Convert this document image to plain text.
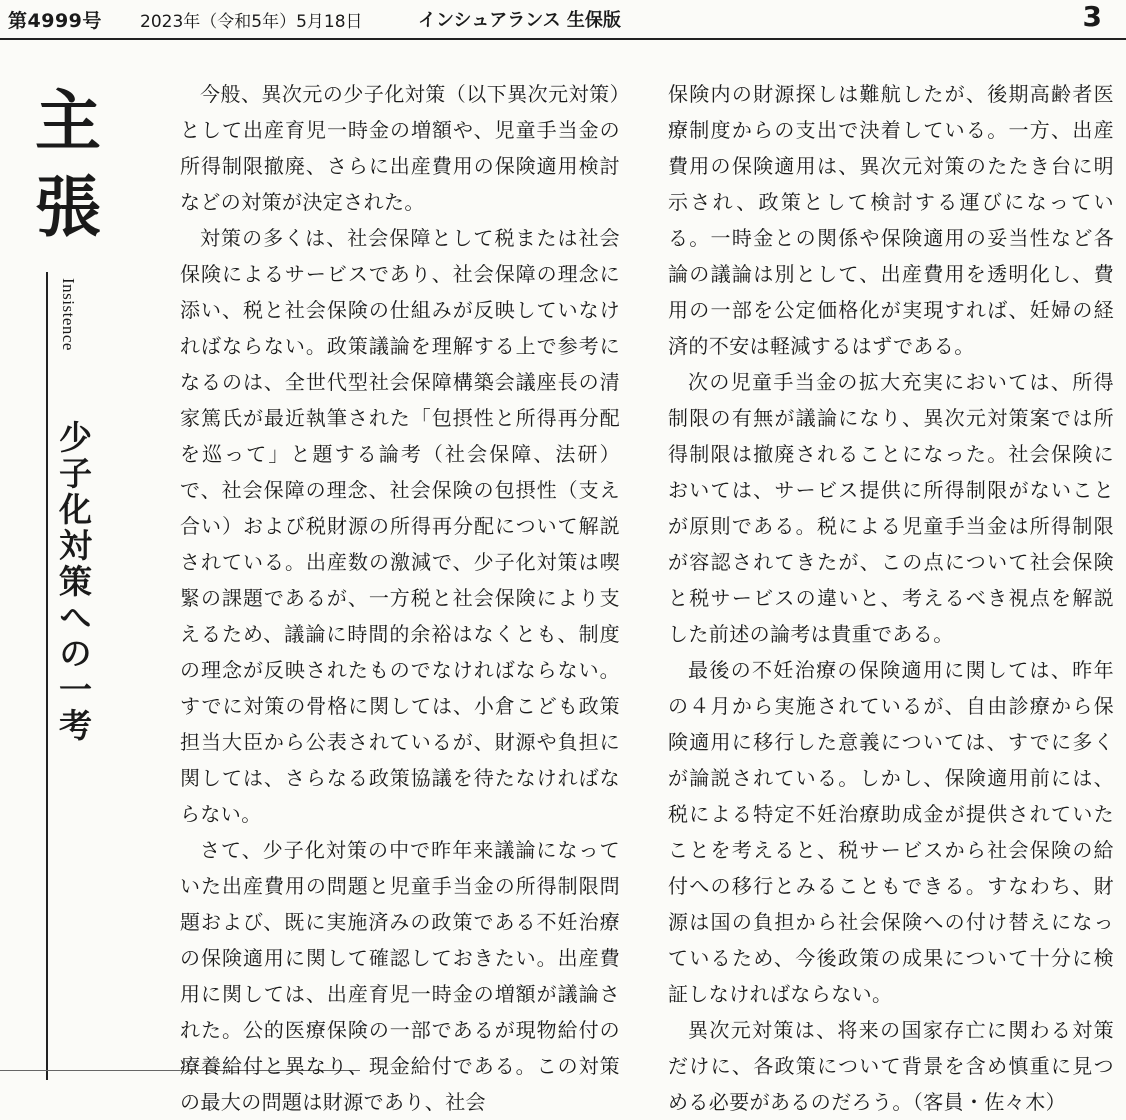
第4999号 2023年（令和5年）5月18日	インシュアランス 生保版	3
主
張
Insistence
少子化対策への一考

今般、異次元の少子化対策（以下異次元対策）として出産育児一時金の増額や、児童手当金の所得制限撤廃、さらに出産費用の保険適用検討などの対策が決定された。

対策の多くは、社会保障として税または社会保険によるサービスであり、社会保障の理念に添い、税と社会保険の仕組みが反映していなければならない。政策議論を理解する上で参考になるのは、全世代型社会保障構築会議座長の清家篤氏が最近執筆された「包摂性と所得再分配を巡って」と題する論考（社会保障、法研）で、社会保障の理念、社会保険の包摂性（支え合い）および税財源の所得再分配について解説されている。出産数の激減で、少子化対策は喫緊の課題であるが、一方税と社会保険により支えるため、議論に時間的余裕はなくとも、制度の理念が反映されたものでなければならない。すでに対策の骨格に関しては、小倉こども政策担当大臣から公表されているが、財源や負担に関しては、さらなる政策協議を待たなければならない。

さて、少子化対策の中で昨年来議論になっていた出産費用の問題と児童手当金の所得制限問題および、既に実施済みの政策である不妊治療の保険適用に関して確認しておきたい。出産費用に関しては、出産育児一時金の増額が議論された。公的医療保険の一部であるが現物給付の療養給付と異なり、現金給付である。この対策の最大の問題は財源であり、社会

保険内の財源探しは難航したが、後期高齢者医療制度からの支出で決着している。一方、出産費用の保険適用は、異次元対策のたたき台に明示され、政策として検討する運びになっている。一時金との関係や保険適用の妥当性など各論の議論は別として、出産費用を透明化し、費用の一部を公定価格化が実現すれば、妊婦の経済的不安は軽減するはずである。

次の児童手当金の拡大充実においては、所得制限の有無が議論になり、異次元対策案では所得制限は撤廃されることになった。社会保険においては、サービス提供に所得制限がないことが原則である。税による児童手当金は所得制限が容認されてきたが、この点について社会保険と税サービスの違いと、考えるべき視点を解説した前述の論考は貴重である。

最後の不妊治療の保険適用に関しては、昨年の４月から実施されているが、自由診療から保険適用に移行した意義については、すでに多くが論説されている。しかし、保険適用前には、税による特定不妊治療助成金が提供されていたことを考えると、税サービスから社会保険の給付への移行とみることもできる。すなわち、財源は国の負担から社会保険への付け替えになっているため、今後政策の成果について十分に検証しなければならない。

異次元対策は、将来の国家存亡に関わる対策だけに、各政策について背景を含め慎重に見つめる必要があるのだろう。（客員・佐々木）
